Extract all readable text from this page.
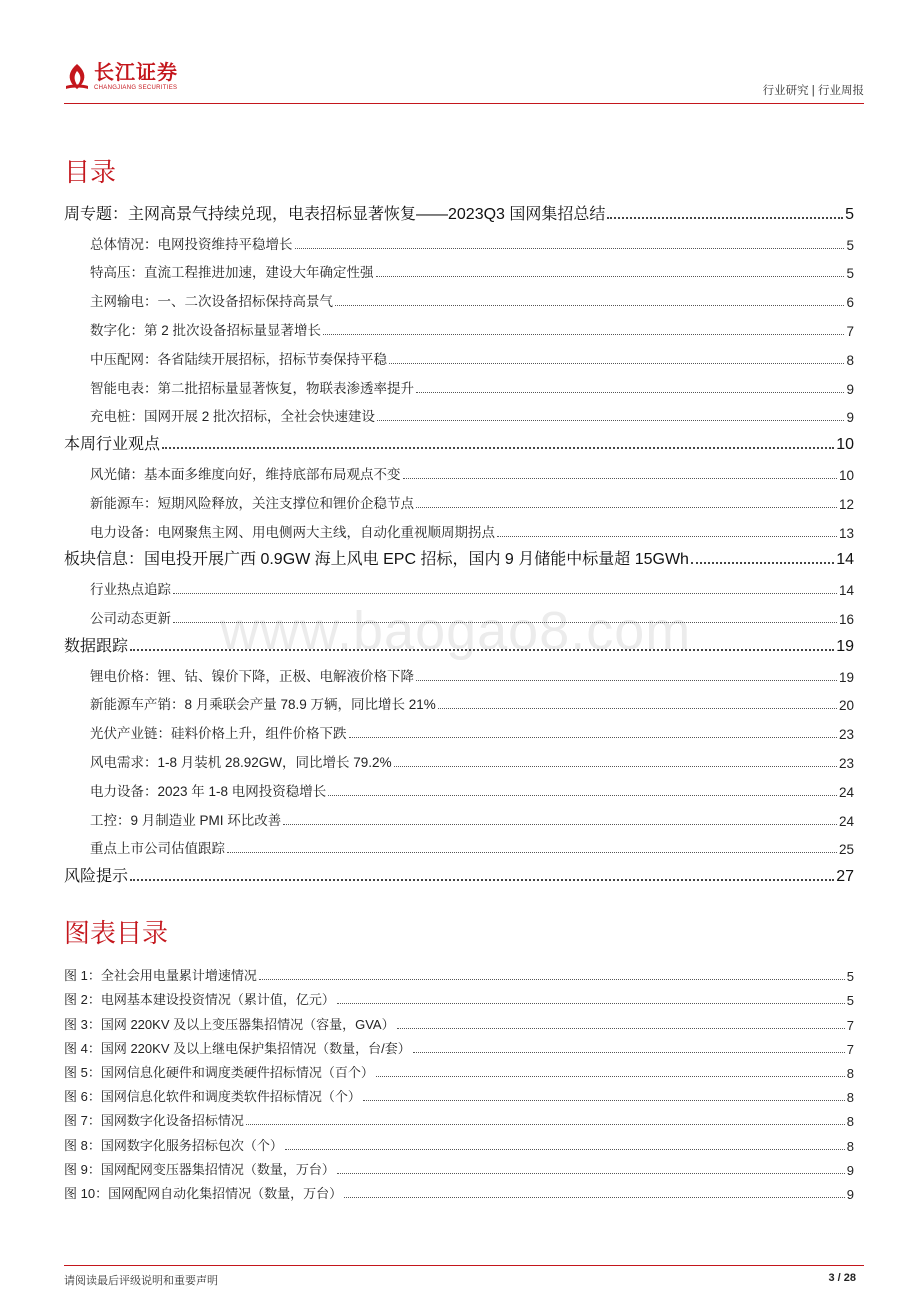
长江证券
CHANGJIANG SECURITIES	行业研究 | 行业周报
www.baogao8.com
目录
周专题：主网高景气持续兑现，电表招标显著恢复——2023Q3 国网集招总结	5
总体情况：电网投资维持平稳增长	5
特高压：直流工程推进加速，建设大年确定性强	5
主网输电：一、二次设备招标保持高景气	6
数字化：第 2 批次设备招标量显著增长	7
中压配网：各省陆续开展招标，招标节奏保持平稳	8
智能电表：第二批招标量显著恢复，物联表渗透率提升	9
充电桩：国网开展 2 批次招标，全社会快速建设	9
本周行业观点	10
风光储：基本面多维度向好，维持底部布局观点不变	10
新能源车：短期风险释放，关注支撑位和锂价企稳节点	12
电力设备：电网聚焦主网、用电侧两大主线，自动化重视顺周期拐点	13
板块信息：国电投开展广西 0.9GW 海上风电 EPC 招标，国内 9 月储能中标量超 15GWh	14
行业热点追踪	14
公司动态更新	16
数据跟踪	19
锂电价格：锂、钴、镍价下降，正极、电解液价格下降	19
新能源车产销：8 月乘联会产量 78.9 万辆，同比增长 21%	20
光伏产业链：硅料价格上升，组件价格下跌	23
风电需求：1-8 月装机 28.92GW，同比增长 79.2%	23
电力设备：2023 年 1-8 电网投资稳增长	24
工控：9 月制造业 PMI 环比改善	24
重点上市公司估值跟踪	25
风险提示	27
图表目录
图 1：全社会用电量累计增速情况	5
图 2：电网基本建设投资情况（累计值，亿元）	5
图 3：国网 220KV 及以上变压器集招情况（容量，GVA）	7
图 4：国网 220KV 及以上继电保护集招情况（数量，台/套）	7
图 5：国网信息化硬件和调度类硬件招标情况（百个）	8
图 6：国网信息化软件和调度类软件招标情况（个）	8
图 7：国网数字化设备招标情况	8
图 8：国网数字化服务招标包次（个）	8
图 9：国网配网变压器集招情况（数量，万台）	9
图 10：国网配网自动化集招情况（数量，万台）	9
请阅读最后评级说明和重要声明	3 / 28
